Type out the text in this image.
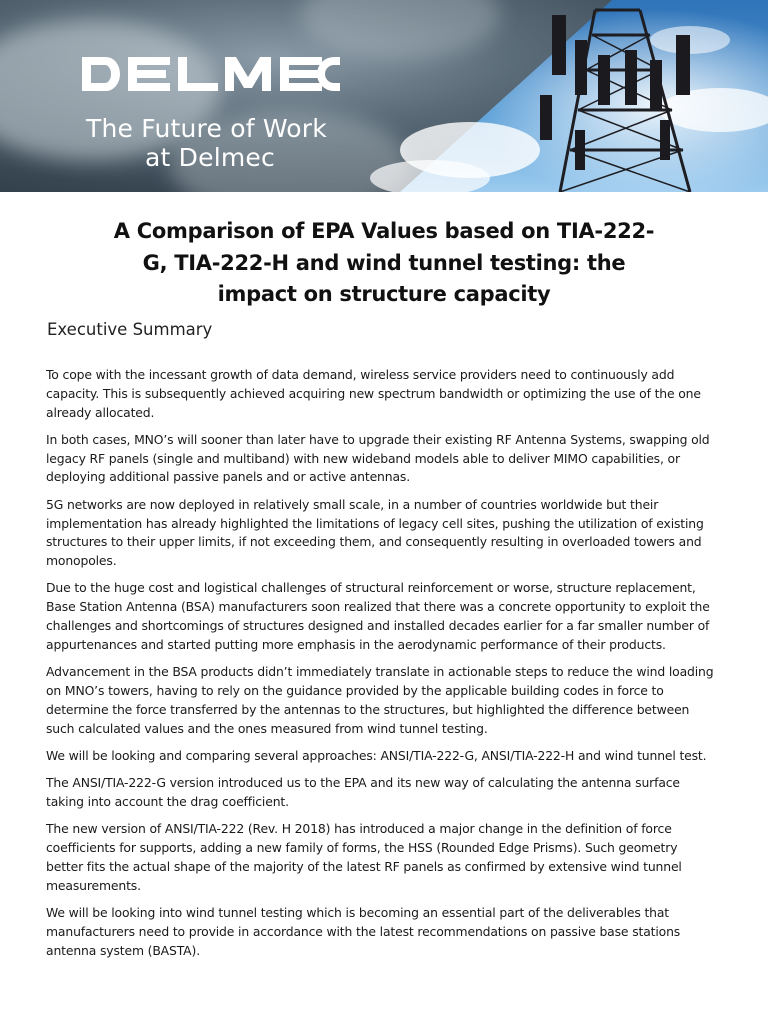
The Future of Work
at Delmec
A Comparison of EPA Values based on TIA-222-
G, TIA-222-H and wind tunnel testing: the
impact on structure capacity
Executive Summary

To cope with the incessant growth of data demand, wireless service providers need to continuously add capacity. This is subsequently achieved acquiring new spectrum bandwidth or optimizing the use of the one already allocated.

In both cases, MNO’s will sooner than later have to upgrade their existing RF Antenna Systems, swapping old legacy RF panels (single and multiband) with new wideband models able to deliver MIMO capabilities, or deploying additional passive panels and or active antennas.

5G networks are now deployed in relatively small scale, in a number of countries worldwide but their implementation has already highlighted the limitations of legacy cell sites, pushing the utilization of existing structures to their upper limits, if not exceeding them, and consequently resulting in overloaded towers and monopoles.

Due to the huge cost and logistical challenges of structural reinforcement or worse, structure replacement, Base Station Antenna (BSA) manufacturers soon realized that there was a concrete opportunity to exploit the challenges and shortcomings of structures designed and installed decades earlier for a far smaller number of appurtenances and started putting more emphasis in the aerodynamic performance of their products.

Advancement in the BSA products didn’t immediately translate in actionable steps to reduce the wind loading on MNO’s towers, having to rely on the guidance provided by the applicable building codes in force to determine the force transferred by the antennas to the structures, but highlighted the difference between such calculated values and the ones measured from wind tunnel testing.

We will be looking and comparing several approaches: ANSI/TIA-222-G, ANSI/TIA-222-H and wind tunnel test.

The ANSI/TIA-222-G version introduced us to the EPA and its new way of calculating the antenna surface taking into account the drag coefficient.

The new version of ANSI/TIA-222 (Rev. H 2018) has introduced a major change in the definition of force coefficients for supports, adding a new family of forms, the HSS (Rounded Edge Prisms). Such geometry better fits the actual shape of the majority of the latest RF panels as confirmed by extensive wind tunnel measurements.

We will be looking into wind tunnel testing which is becoming an essential part of the deliverables that manufacturers need to provide in accordance with the latest recommendations on passive base stations antenna system (BASTA).
